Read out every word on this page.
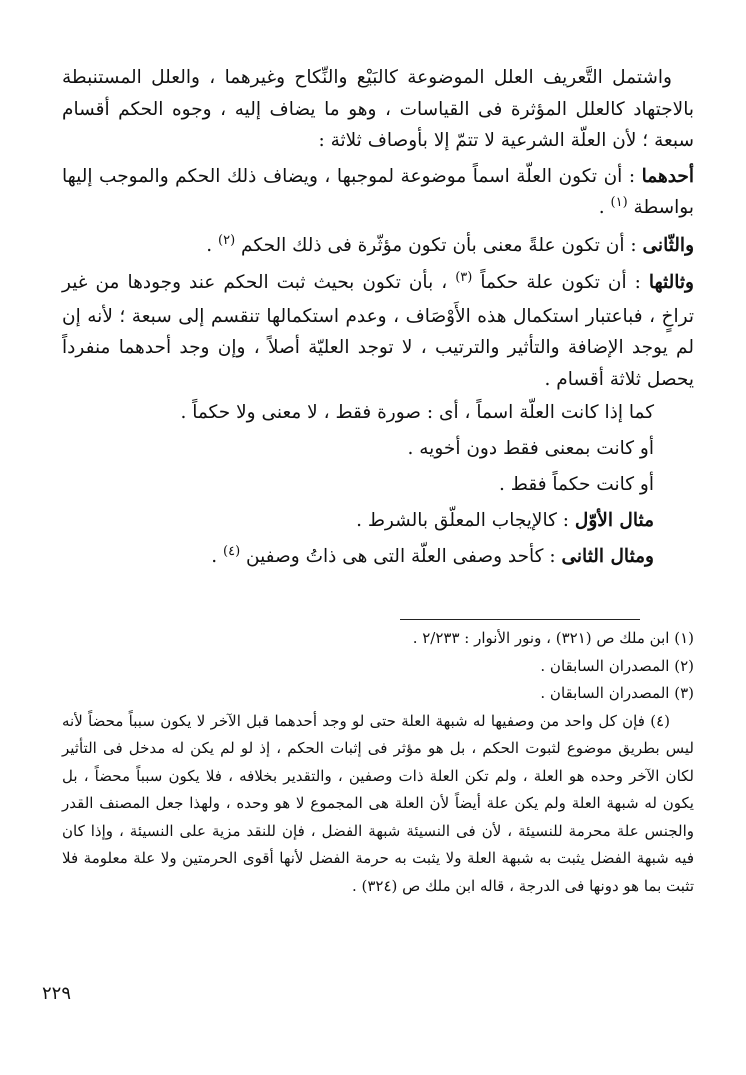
واشتمل التَّعريف العلل الموضوعة كالبَيْع والنِّكاح وغيرهما ، والعلل المستنبطة بالاجتهاد كالعلل المؤثرة فى القياسات ، وهو ما يضاف إليه ، وجوه الحكم أقسام سبعة ؛ لأن العلّة الشرعية لا تتمّ إلا بأوصاف ثلاثة :

أحدهما : أن تكون العلّة اسماً موضوعة لموجبها ، ويضاف ذلك الحكم والموجب إليها بواسطة $^{(١)}$ .

والثّانى : أن تكون علةً معنى بأن تكون مؤثّرة فى ذلك الحكم $^{(٢)}$ .

وثالثها : أن تكون علة حكماً $^{(٣)}$ ، بأن تكون بحيث ثبت الحكم عند وجودها من غير تراخٍ ، فباعتبار استكمال هذه الأَوْصَاف ، وعدم استكمالها تنقسم إلى سبعة ؛ لأنه إن لم يوجد الإضافة والتأثير والترتيب ، لا توجد العليّة أصلاً ، وإن وجد أحدهما منفرداً يحصل ثلاثة أقسام .

كما إذا كانت العلّة اسماً ، أى : صورة فقط ، لا معنى ولا حكماً .

أو كانت بمعنى فقط دون أخويه .

أو كانت حكماً فقط .

مثال الأوّل : كالإيجاب المعلّق بالشرط .

ومثال الثانى : كأحد وصفى العلّة التى هى ذاتُ وصفين $^{(٤)}$ .

(١) ابن ملك ص (٣٢١) ، ونور الأنوار : ٢/٢٣٣ .

(٢) المصدران السابقان .

(٣) المصدران السابقان .

(٤) فإن كل واحد من وصفيها له شبهة العلة حتى لو وجد أحدهما قبل الآخر لا يكون سبباً محضاً لأنه ليس بطريق موضوع لثبوت الحكم ، بل هو مؤثر فى إثبات الحكم ، إذ لو لم يكن له مدخل فى التأثير لكان الآخر وحده هو العلة ، ولم تكن العلة ذات وصفين ، والتقدير بخلافه ، فلا يكون سبباً محضاً ، بل يكون له شبهة العلة ولم يكن علة أيضاً لأن العلة هى المجموع لا هو وحده ، ولهذا جعل المصنف القدر والجنس علة محرمة للنسيئة ، لأن فى النسيئة شبهة الفضل ، فإن للنقد مزية على النسيئة ، وإذا كان فيه شبهة الفضل يثبت به شبهة العلة ولا يثبت به حرمة الفضل لأنها أقوى الحرمتين ولا علة معلومة فلا تثبت بما هو دونها فى الدرجة ، قاله ابن ملك ص (٣٢٤) .

٢٢٩
